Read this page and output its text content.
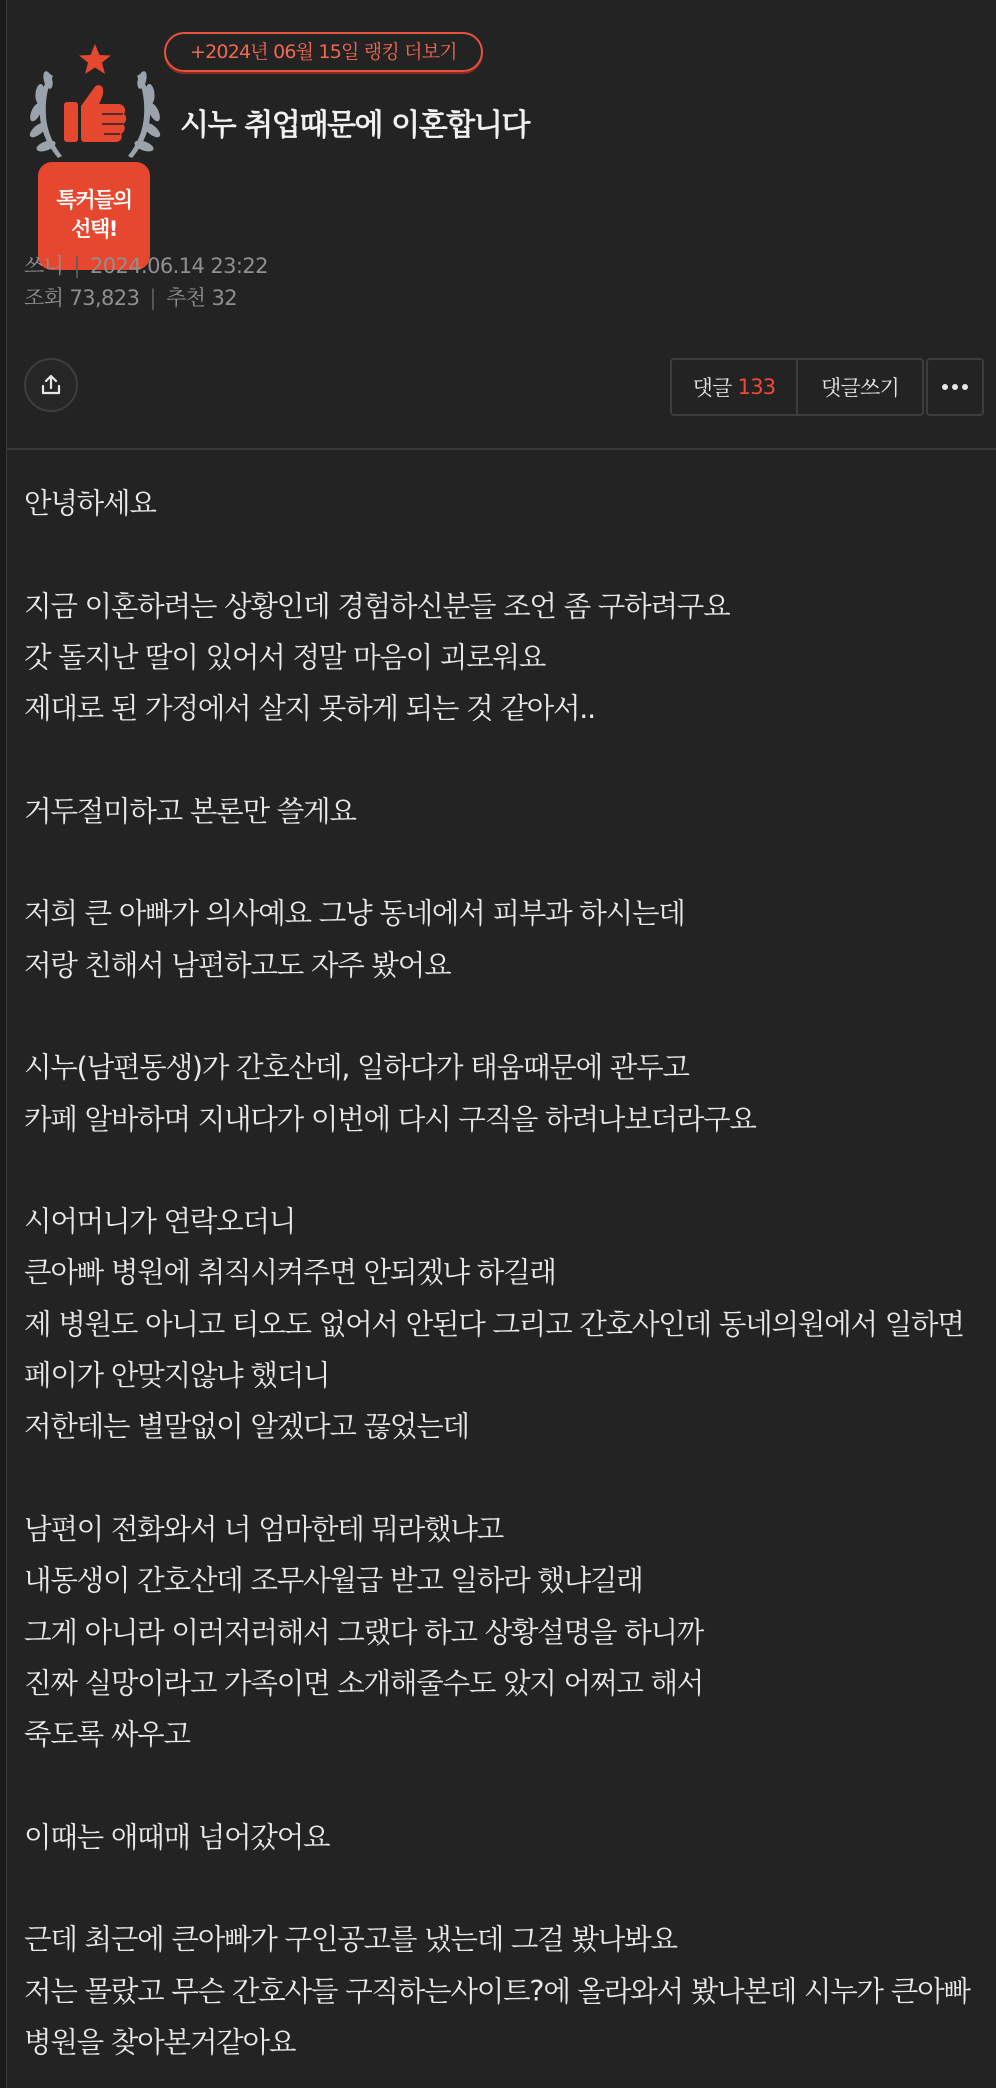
+2024년 06월 15일 랭킹 더보기
톡커들의
선택!
시누 취업때문에 이혼합니다
쓰니 | 2024.06.14 23:22
조회 73,823 | 추천 32
댓글 133	댓글쓰기

안녕하세요

지금 이혼하려는 상황인데 경험하신분들 조언 좀 구하려구요

갓 돌지난 딸이 있어서 정말 마음이 괴로워요

제대로 된 가정에서 살지 못하게 되는 것 같아서..

거두절미하고 본론만 쓸게요

저희 큰 아빠가 의사예요 그냥 동네에서 피부과 하시는데

저랑 친해서 남편하고도 자주 봤어요

시누(남편동생)가 간호산데, 일하다가 태움때문에 관두고

카페 알바하며 지내다가 이번에 다시 구직을 하려나보더라구요

시어머니가 연락오더니

큰아빠 병원에 취직시켜주면 안되겠냐 하길래

제 병원도 아니고 티오도 없어서 안된다 그리고 간호사인데 동네의원에서 일하면 페이가 안맞지않냐 했더니

저한테는 별말없이 알겠다고 끊었는데

남편이 전화와서 너 엄마한테 뭐라했냐고

내동생이 간호산데 조무사월급 받고 일하라 했냐길래

그게 아니라 이러저러해서 그랬다 하고 상황설명을 하니까

진짜 실망이라고 가족이면 소개해줄수도 았지 어쩌고 해서

죽도록 싸우고

이때는 애때매 넘어갔어요

근데 최근에 큰아빠가 구인공고를 냈는데 그걸 봤나봐요

저는 몰랐고 무슨 간호사들 구직하는사이트?에 올라와서 봤나본데 시누가 큰아빠 병원을 찾아본거같아요
